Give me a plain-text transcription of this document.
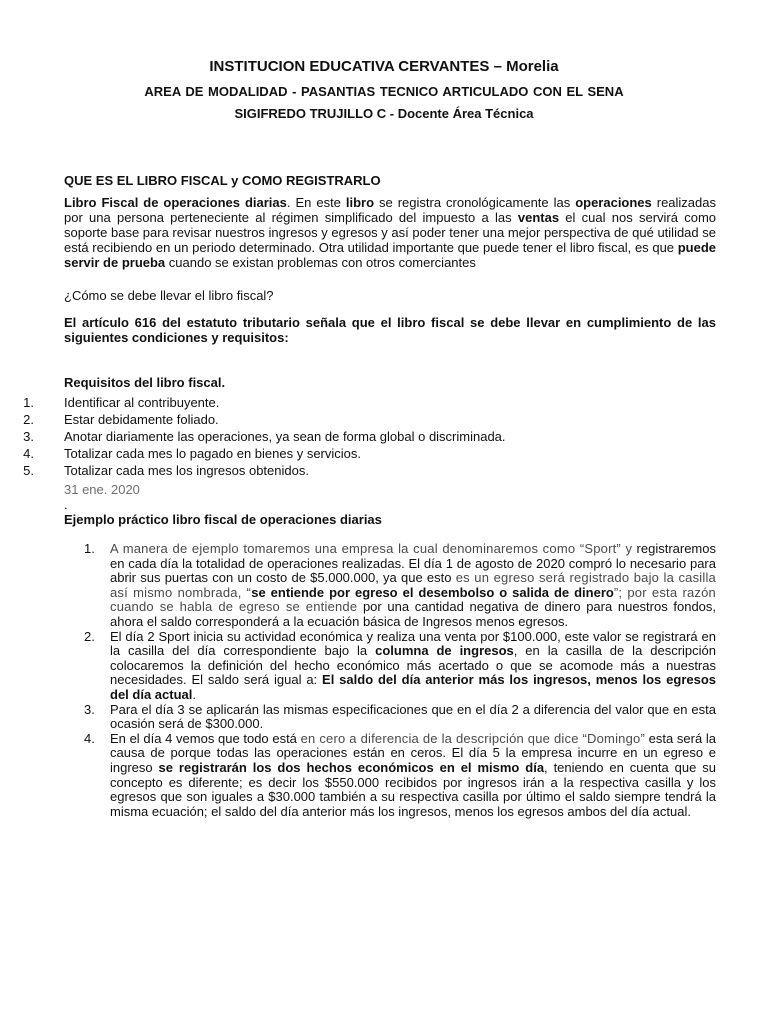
INSTITUCION EDUCATIVA CERVANTES – Morelia
AREA DE MODALIDAD - PASANTIAS TECNICO ARTICULADO CON EL SENA
SIGIFREDO TRUJILLO C - Docente Área Técnica
QUE ES EL LIBRO FISCAL y COMO REGISTRARLO
Libro Fiscal de operaciones diarias. En este libro se registra cronológicamente las operaciones realizadas por una persona perteneciente al régimen simplificado del impuesto a las ventas el cual nos servirá como soporte base para revisar nuestros ingresos y egresos y así poder tener una mejor perspectiva de qué utilidad se está recibiendo en un periodo determinado. Otra utilidad importante que puede tener el libro fiscal, es que puede servir de prueba cuando se existan problemas con otros comerciantes
¿Cómo se debe llevar el libro fiscal?
El artículo 616 del estatuto tributario señala que el libro fiscal se debe llevar en cumplimiento de las siguientes condiciones y requisitos:
Requisitos del libro fiscal.
1. Identificar al contribuyente.
2. Estar debidamente foliado.
3. Anotar diariamente las operaciones, ya sean de forma global o discriminada.
4. Totalizar cada mes lo pagado en bienes y servicios.
5. Totalizar cada mes los ingresos obtenidos.
31 ene. 2020
.
Ejemplo práctico libro fiscal de operaciones diarias
1. A manera de ejemplo tomaremos una empresa la cual denominaremos como “Sport” y registraremos en cada día la totalidad de operaciones realizadas. El día 1 de agosto de 2020 compró lo necesario para abrir sus puertas con un costo de $5.000.000, ya que esto es un egreso será registrado bajo la casilla así mismo nombrada, “se entiende por egreso el desembolso o salida de dinero”; por esta razón cuando se habla de egreso se entiende por una cantidad negativa de dinero para nuestros fondos, ahora el saldo corresponderá a la ecuación básica de Ingresos menos egresos.
2. El día 2 Sport inicia su actividad económica y realiza una venta por $100.000, este valor se registrará en la casilla del día correspondiente bajo la columna de ingresos, en la casilla de la descripción colocaremos la definición del hecho económico más acertado o que se acomode más a nuestras necesidades. El saldo será igual a: El saldo del día anterior más los ingresos, menos los egresos del día actual.
3. Para el día 3 se aplicarán las mismas especificaciones que en el día 2 a diferencia del valor que en esta ocasión será de $300.000.
4. En el día 4 vemos que todo está en cero a diferencia de la descripción que dice “Domingo” esta será la causa de porque todas las operaciones están en ceros. El día 5 la empresa incurre en un egreso e ingreso se registrarán los dos hechos económicos en el mismo día, teniendo en cuenta que su concepto es diferente; es decir los $550.000 recibidos por ingresos irán a la respectiva casilla y los egresos que son iguales a $30.000 también a su respectiva casilla por último el saldo siempre tendrá la misma ecuación; el saldo del día anterior más los ingresos, menos los egresos ambos del día actual.
